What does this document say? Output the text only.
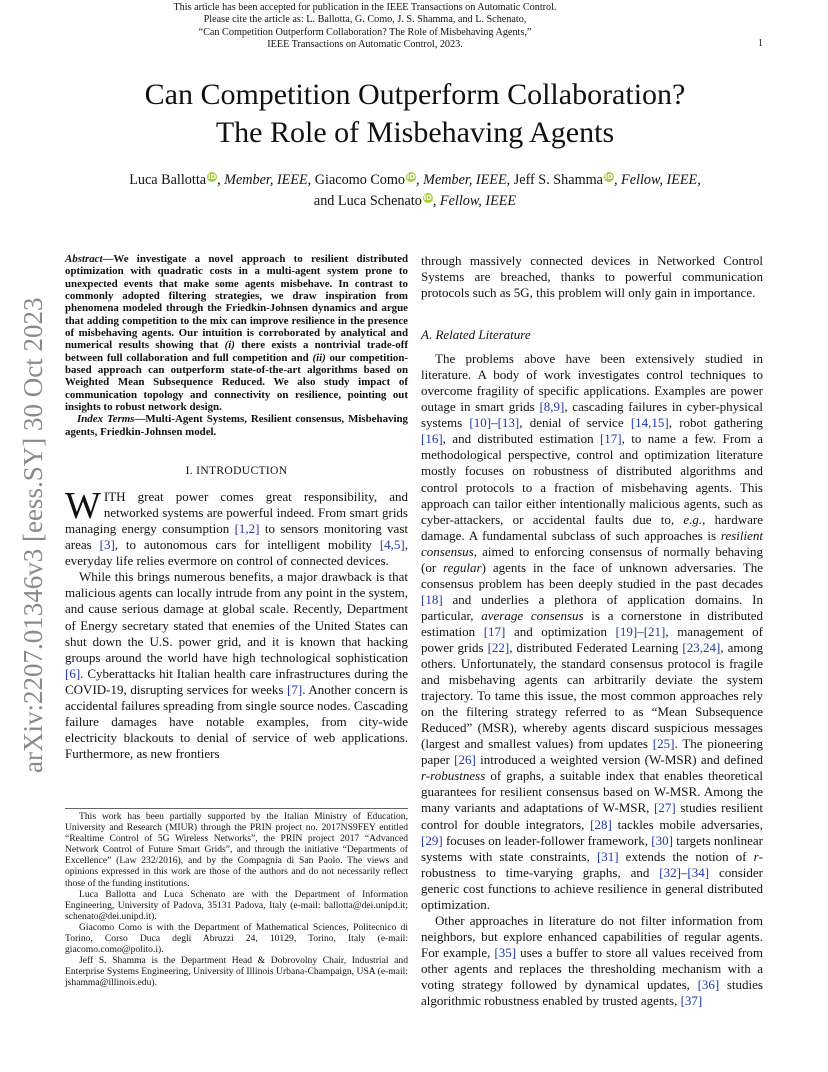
This article has been accepted for publication in the IEEE Transactions on Automatic Control.
Please cite the article as: L. Ballotta, G. Como, J. S. Shamma, and L. Schenato,
“Can Competition Outperform Collaboration? The Role of Misbehaving Agents,”
IEEE Transactions on Automatic Control, 2023.	1
arXiv:2207.01346v3 [eess.SY] 30 Oct 2023
Can Competition Outperform Collaboration?
The Role of Misbehaving Agents
Luca Ballotta iD, Member, IEEE, Giacomo Como iD, Member, IEEE, Jeff S. Shamma iD, Fellow, IEEE,
and Luca Schenato iD, Fellow, IEEE

Abstract—We investigate a novel approach to resilient distributed optimization with quadratic costs in a multi-agent system prone to unexpected events that make some agents misbehave. In contrast to commonly adopted filtering strategies, we draw inspiration from phenomena modeled through the Friedkin-Johnsen dynamics and argue that adding competition to the mix can improve resilience in the presence of misbehaving agents. Our intuition is corroborated by analytical and numerical results showing that (i) there exists a nontrivial trade-off between full collaboration and full competition and (ii) our competition-based approach can outperform state-of-the-art algorithms based on Weighted Mean Subsequence Reduced. We also study impact of communication topology and connectivity on resilience, pointing out insights to robust network design.

Index Terms—Multi-Agent Systems, Resilient consensus, Misbehaving agents, Friedkin-Johnsen model.

I. INTRODUCTION

WITH great power comes great responsibility, and networked systems are powerful indeed. From smart grids managing energy consumption [1,2] to sensors monitoring vast areas [3], to autonomous cars for intelligent mobility [4,5], everyday life relies evermore on control of connected devices.

While this brings numerous benefits, a major drawback is that malicious agents can locally intrude from any point in the system, and cause serious damage at global scale. Recently, Department of Energy secretary stated that enemies of the United States can shut down the U.S. power grid, and it is known that hacking groups around the world have high technological sophistication [6]. Cyberattacks hit Italian health care infrastructures during the COVID-19, disrupting services for weeks [7]. Another concern is accidental failures spreading from single source nodes. Cascading failure damages have notable examples, from city-wide electricity blackouts to denial of service of web applications. Furthermore, as new frontiers

This work has been partially supported by the Italian Ministry of Education, University and Research (MIUR) through the PRIN project no. 2017NS9FEY entitled “Realtime Control of 5G Wireless Networks”, the PRIN project 2017 “Advanced Network Control of Future Smart Grids”, and through the initiative “Departments of Excellence” (Law 232/2016), and by the Compagnia di San Paolo. The views and opinions expressed in this work are those of the authors and do not necessarily reflect those of the funding institutions.

Luca Ballotta and Luca Schenato are with the Department of Information Engineering, University of Padova, 35131 Padova, Italy (e-mail: ballotta@dei.unipd.it; schenato@dei.unipd.it).

Giacomo Como is with the Department of Mathematical Sciences, Politecnico di Torino, Corso Duca degli Abruzzi 24, 10129, Torino, Italy (e-mail: giacomo.como@polito.i).

Jeff S. Shamma is the Department Head & Dobrovolny Chair, Industrial and Enterprise Systems Engineering, University of Illinois Urbana-Champaign, USA (e-mail: jshamma@illinois.edu).

through massively connected devices in Networked Control Systems are breached, thanks to powerful communication protocols such as 5G, this problem will only gain in importance.

A. Related Literature

The problems above have been extensively studied in literature. A body of work investigates control techniques to overcome fragility of specific applications. Examples are power outage in smart grids [8,9], cascading failures in cyber-physical systems [10]–[13], denial of service [14,15], robot gathering [16], and distributed estimation [17], to name a few. From a methodological perspective, control and optimization literature mostly focuses on robustness of distributed algorithms and control protocols to a fraction of misbehaving agents. This approach can tailor either intentionally malicious agents, such as cyber-attackers, or accidental faults due to, e.g., hardware damage. A fundamental subclass of such approaches is resilient consensus, aimed to enforcing consensus of normally behaving (or regular) agents in the face of unknown adversaries. The consensus problem has been deeply studied in the past decades [18] and underlies a plethora of application domains. In particular, average consensus is a cornerstone in distributed estimation [17] and optimization [19]–[21], management of power grids [22], distributed Federated Learning [23,24], among others. Unfortunately, the standard consensus protocol is fragile and misbehaving agents can arbitrarily deviate the system trajectory. To tame this issue, the most common approaches rely on the filtering strategy referred to as “Mean Subsequence Reduced” (MSR), whereby agents discard suspicious messages (largest and smallest values) from updates [25]. The pioneering paper [26] introduced a weighted version (W-MSR) and defined r-robustness of graphs, a suitable index that enables theoretical guarantees for resilient consensus based on W-MSR. Among the many variants and adaptations of W-MSR, [27] studies resilient control for double integrators, [28] tackles mobile adversaries, [29] focuses on leader-follower framework, [30] targets nonlinear systems with state constraints, [31] extends the notion of r-robustness to time-varying graphs, and [32]–[34] consider generic cost functions to achieve resilience in general distributed optimization.

Other approaches in literature do not filter information from neighbors, but explore enhanced capabilities of regular agents. For example, [35] uses a buffer to store all values received from other agents and replaces the thresholding mechanism with a voting strategy followed by dynamical updates, [36] studies algorithmic robustness enabled by trusted agents, [37]
